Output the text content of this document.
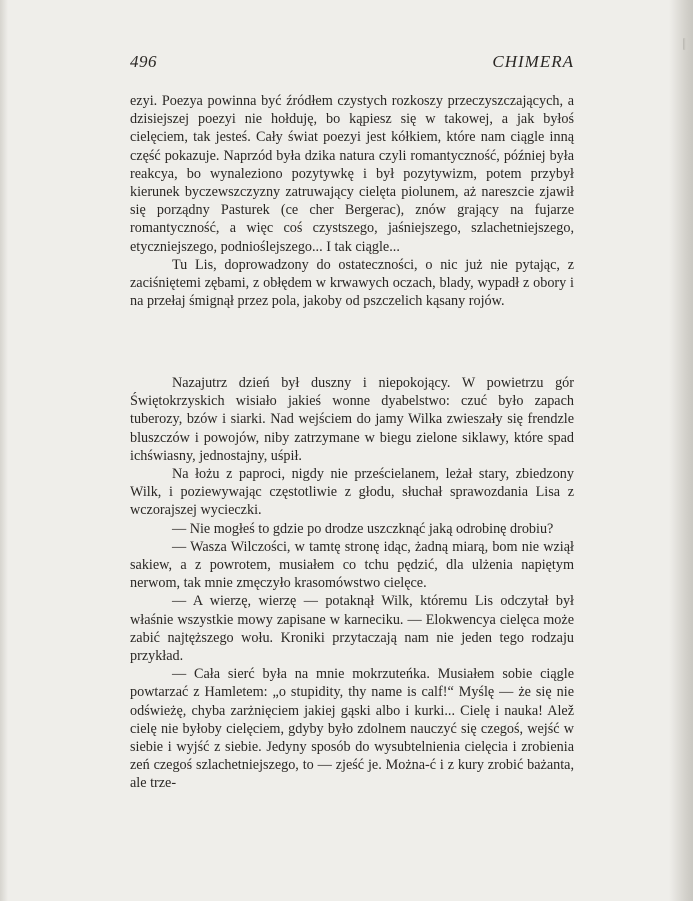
496	CHIMERA

ezyi. Poezya powinna być źródłem czystych rozkoszy przeczyszczających, a dzisiejszej poezyi nie hołduję, bo kąpiesz się w takowej, a jak byłoś cielęciem, tak jesteś. Cały świat poezyi jest kółkiem, które nam ciągle inną część pokazuje. Naprzód była dzika natura czyli romantyczność, później była reakcya, bo wynaleziono pozytywkę i był pozytywizm, potem przybył kierunek byczewszczyzny zatruwający cielęta piolunem, aż nareszcie zjawił się porządny Pasturek (ce cher Bergerac), znów grający na fujarze romantyczność, a więc coś czystszego, jaśniejszego, szlachetniejszego, etyczniejszego, podnioślejszego... I tak ciągle...

Tu Lis, doprowadzony do ostateczności, o nic już nie pytając, z zaciśniętemi zębami, z obłędem w krwawych oczach, blady, wypadł z obory i na przełaj śmignął przez pola, jakoby od pszczelich kąsany rojów.

Nazajutrz dzień był duszny i niepokojący. W powietrzu gór Świętokrzyskich wisiało jakieś wonne dyabelstwo: czuć było zapach tuberozy, bzów i siarki. Nad wejściem do jamy Wilka zwieszały się frendzle bluszczów i powojów, niby zatrzymane w biegu zielone siklawy, które spad ichświasny, jednostajny, uśpił.

Na łożu z paproci, nigdy nie prześcielanem, leżał stary, zbiedzony Wilk, i poziewywając częstotliwie z głodu, słuchał sprawozdania Lisa z wczorajszej wycieczki.

— Nie mogłeś to gdzie po drodze uszczknąć jaką odrobinę drobiu?

— Wasza Wilczości, w tamtę stronę idąc, żadną miarą, bom nie wziął sakiew, a z powrotem, musiałem co tchu pędzić, dla ulżenia napiętym nerwom, tak mnie zmęczyło krasomówstwo cielęce.

— A wierzę, wierzę — potaknął Wilk, któremu Lis odczytał był właśnie wszystkie mowy zapisane w karneciku. — Elokwencya cielęca może zabić najtęższego wołu. Kroniki przytaczają nam nie jeden tego rodzaju przykład.

— Cała sierć była na mnie mokrzuteńka. Musiałem sobie ciągle powtarzać z Hamletem: „o stupidity, thy name is calf!“ Myślę — że się nie odświeżę, chyba zarżnięciem jakiej gąski albo i kurki... Cielę i nauka! Alež cielę nie byłoby cielęciem, gdyby było zdolnem nauczyć się czegoś, wejść w siebie i wyjść z siebie. Jedyny sposób do wysubtelnienia cielęcia i zrobienia zeń czegoś szlachetniejszego, to — zjeść je. Można-ć i z kury zrobić bażanta, ale trze-
